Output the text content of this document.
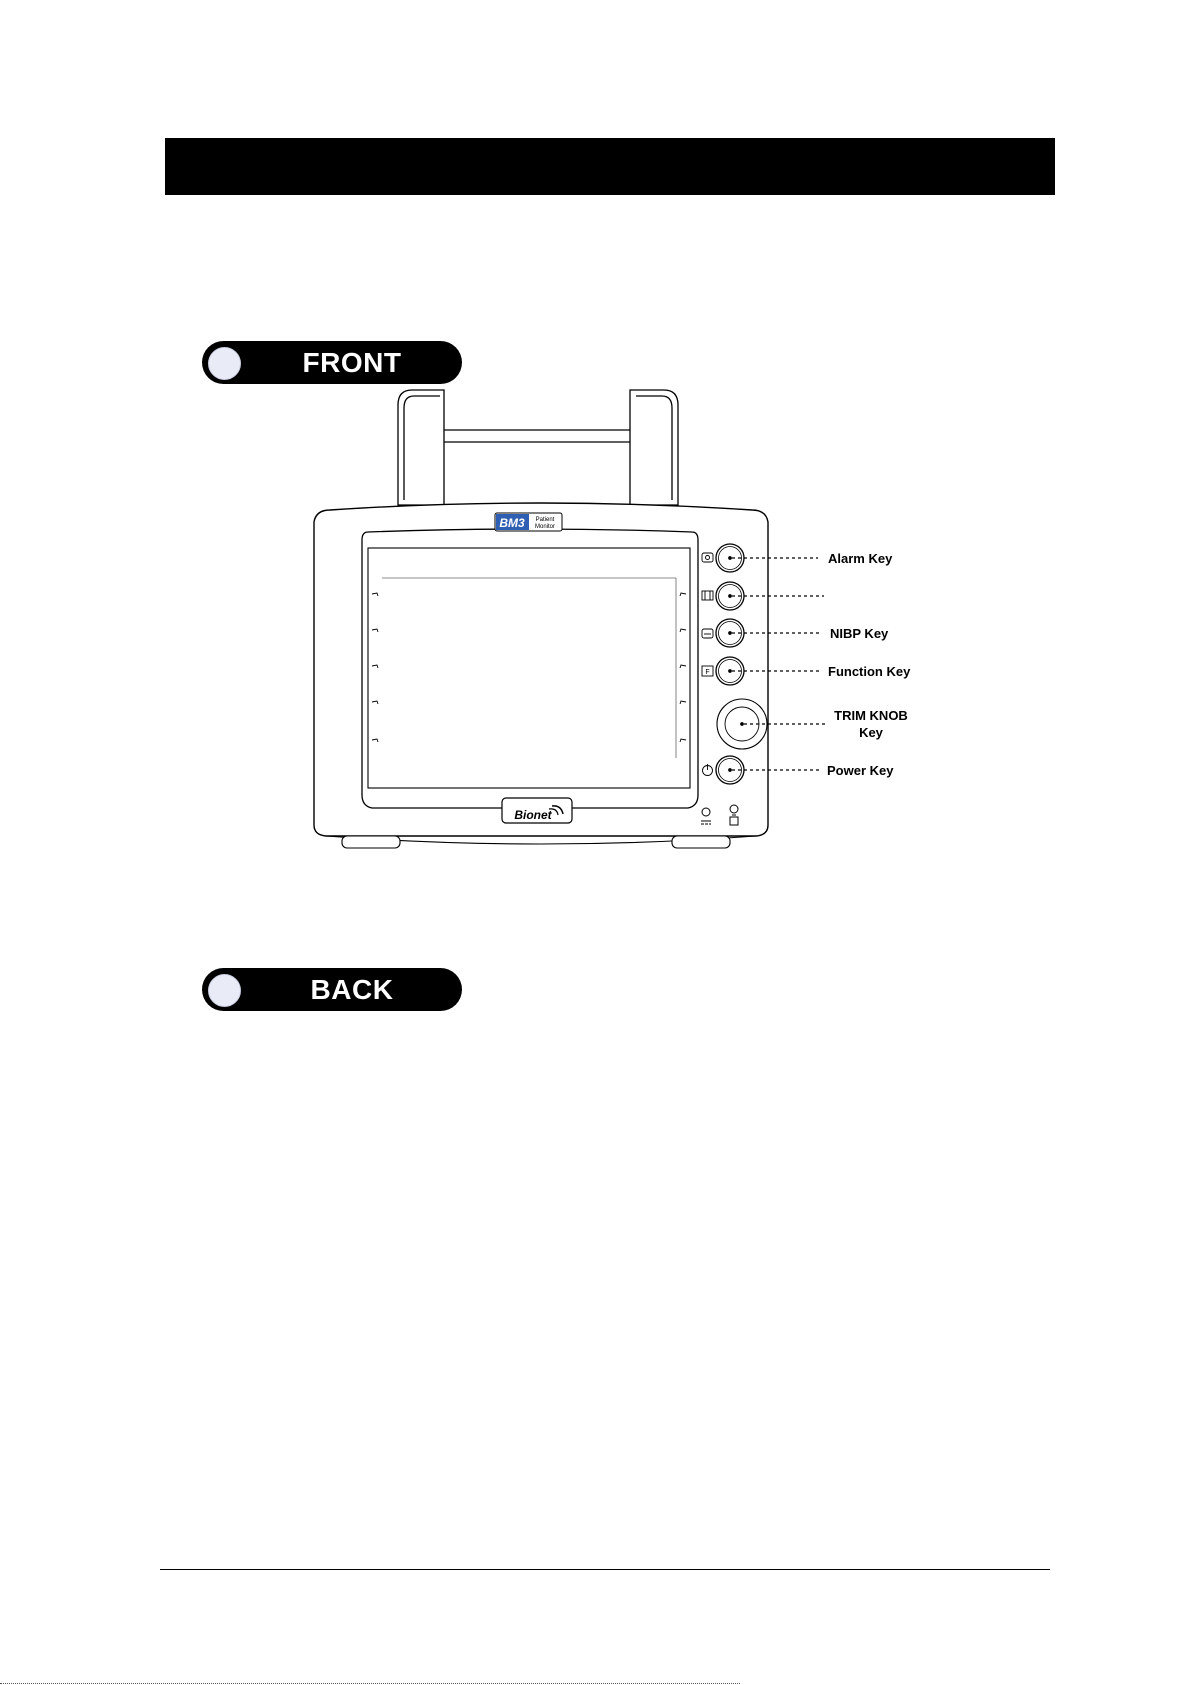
FRONT
BM3 Patient
Monitor
Bionet
F
Alarm Key
NIBP Key
Function Key
TRIM KNOB
Key
Power Key
BACK
